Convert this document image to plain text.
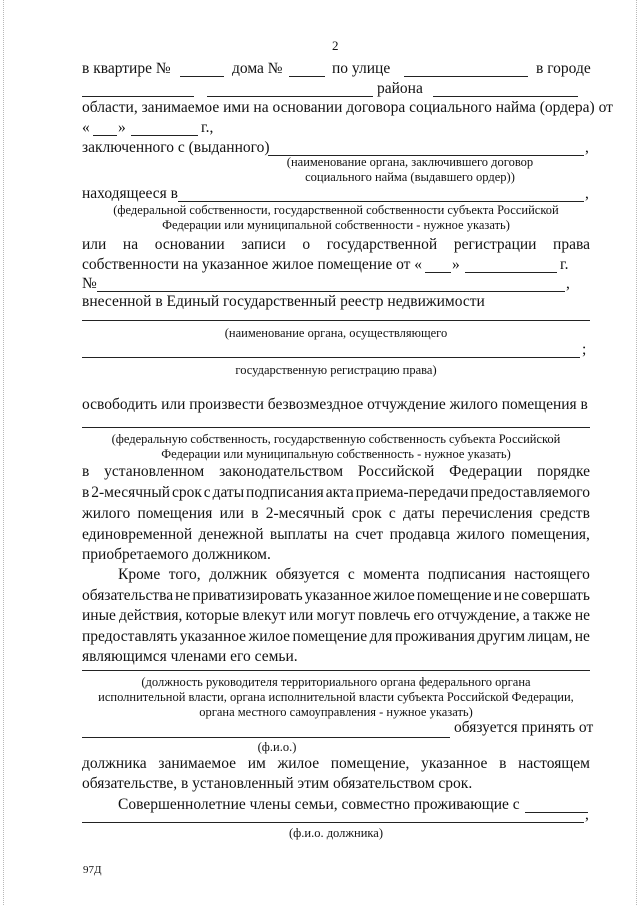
2
в квартире №	дома №	по улице	в городе
района
области, занимаемое ими на основании договора социального найма (ордера) от
« »	г.,
заключенного с (выданного)	,
(наименование органа, заключившего договор
социального найма (выдавшего ордер))
находящееся в	,
(федеральной собственности, государственной собственности субъекта Российской
Федерации или муниципальной собственности - нужное указать)
или на основании записи о государственной регистрации права
собственности на указанное жилое помещение от « »	г.
№	,
внесенной в Единый государственный реестр недвижимости
(наименование органа, осуществляющего
;
государственную регистрацию права)
освободить или произвести безвозмездное отчуждение жилого помещения в
(федеральную собственность, государственную собственность субъекта Российской
Федерации или муниципальную собственность - нужное указать)
в установленном законодательством Российской Федерации порядке
в 2-месячный срок с даты подписания акта приема-передачи предоставляемого
жилого помещения или в 2-месячный срок с даты перечисления средств
единовременной денежной выплаты на счет продавца жилого помещения,
приобретаемого должником.
Кроме того, должник обязуется с момента подписания настоящего
обязательства не приватизировать указанное жилое помещение и не совершать
иные действия, которые влекут или могут повлечь его отчуждение, а также не
предоставлять указанное жилое помещение для проживания другим лицам, не
являющимся членами его семьи.
(должность руководителя территориального органа федерального органа
исполнительной власти, органа исполнительной власти субъекта Российской Федерации,
органа местного самоуправления - нужное указать)
обязуется принять от
(ф.и.о.)
должника занимаемое им жилое помещение, указанное в настоящем
обязательстве, в установленный этим обязательством срок.
Совершеннолетние члены семьи, совместно проживающие с
,
(ф.и.о. должника)
97Д
